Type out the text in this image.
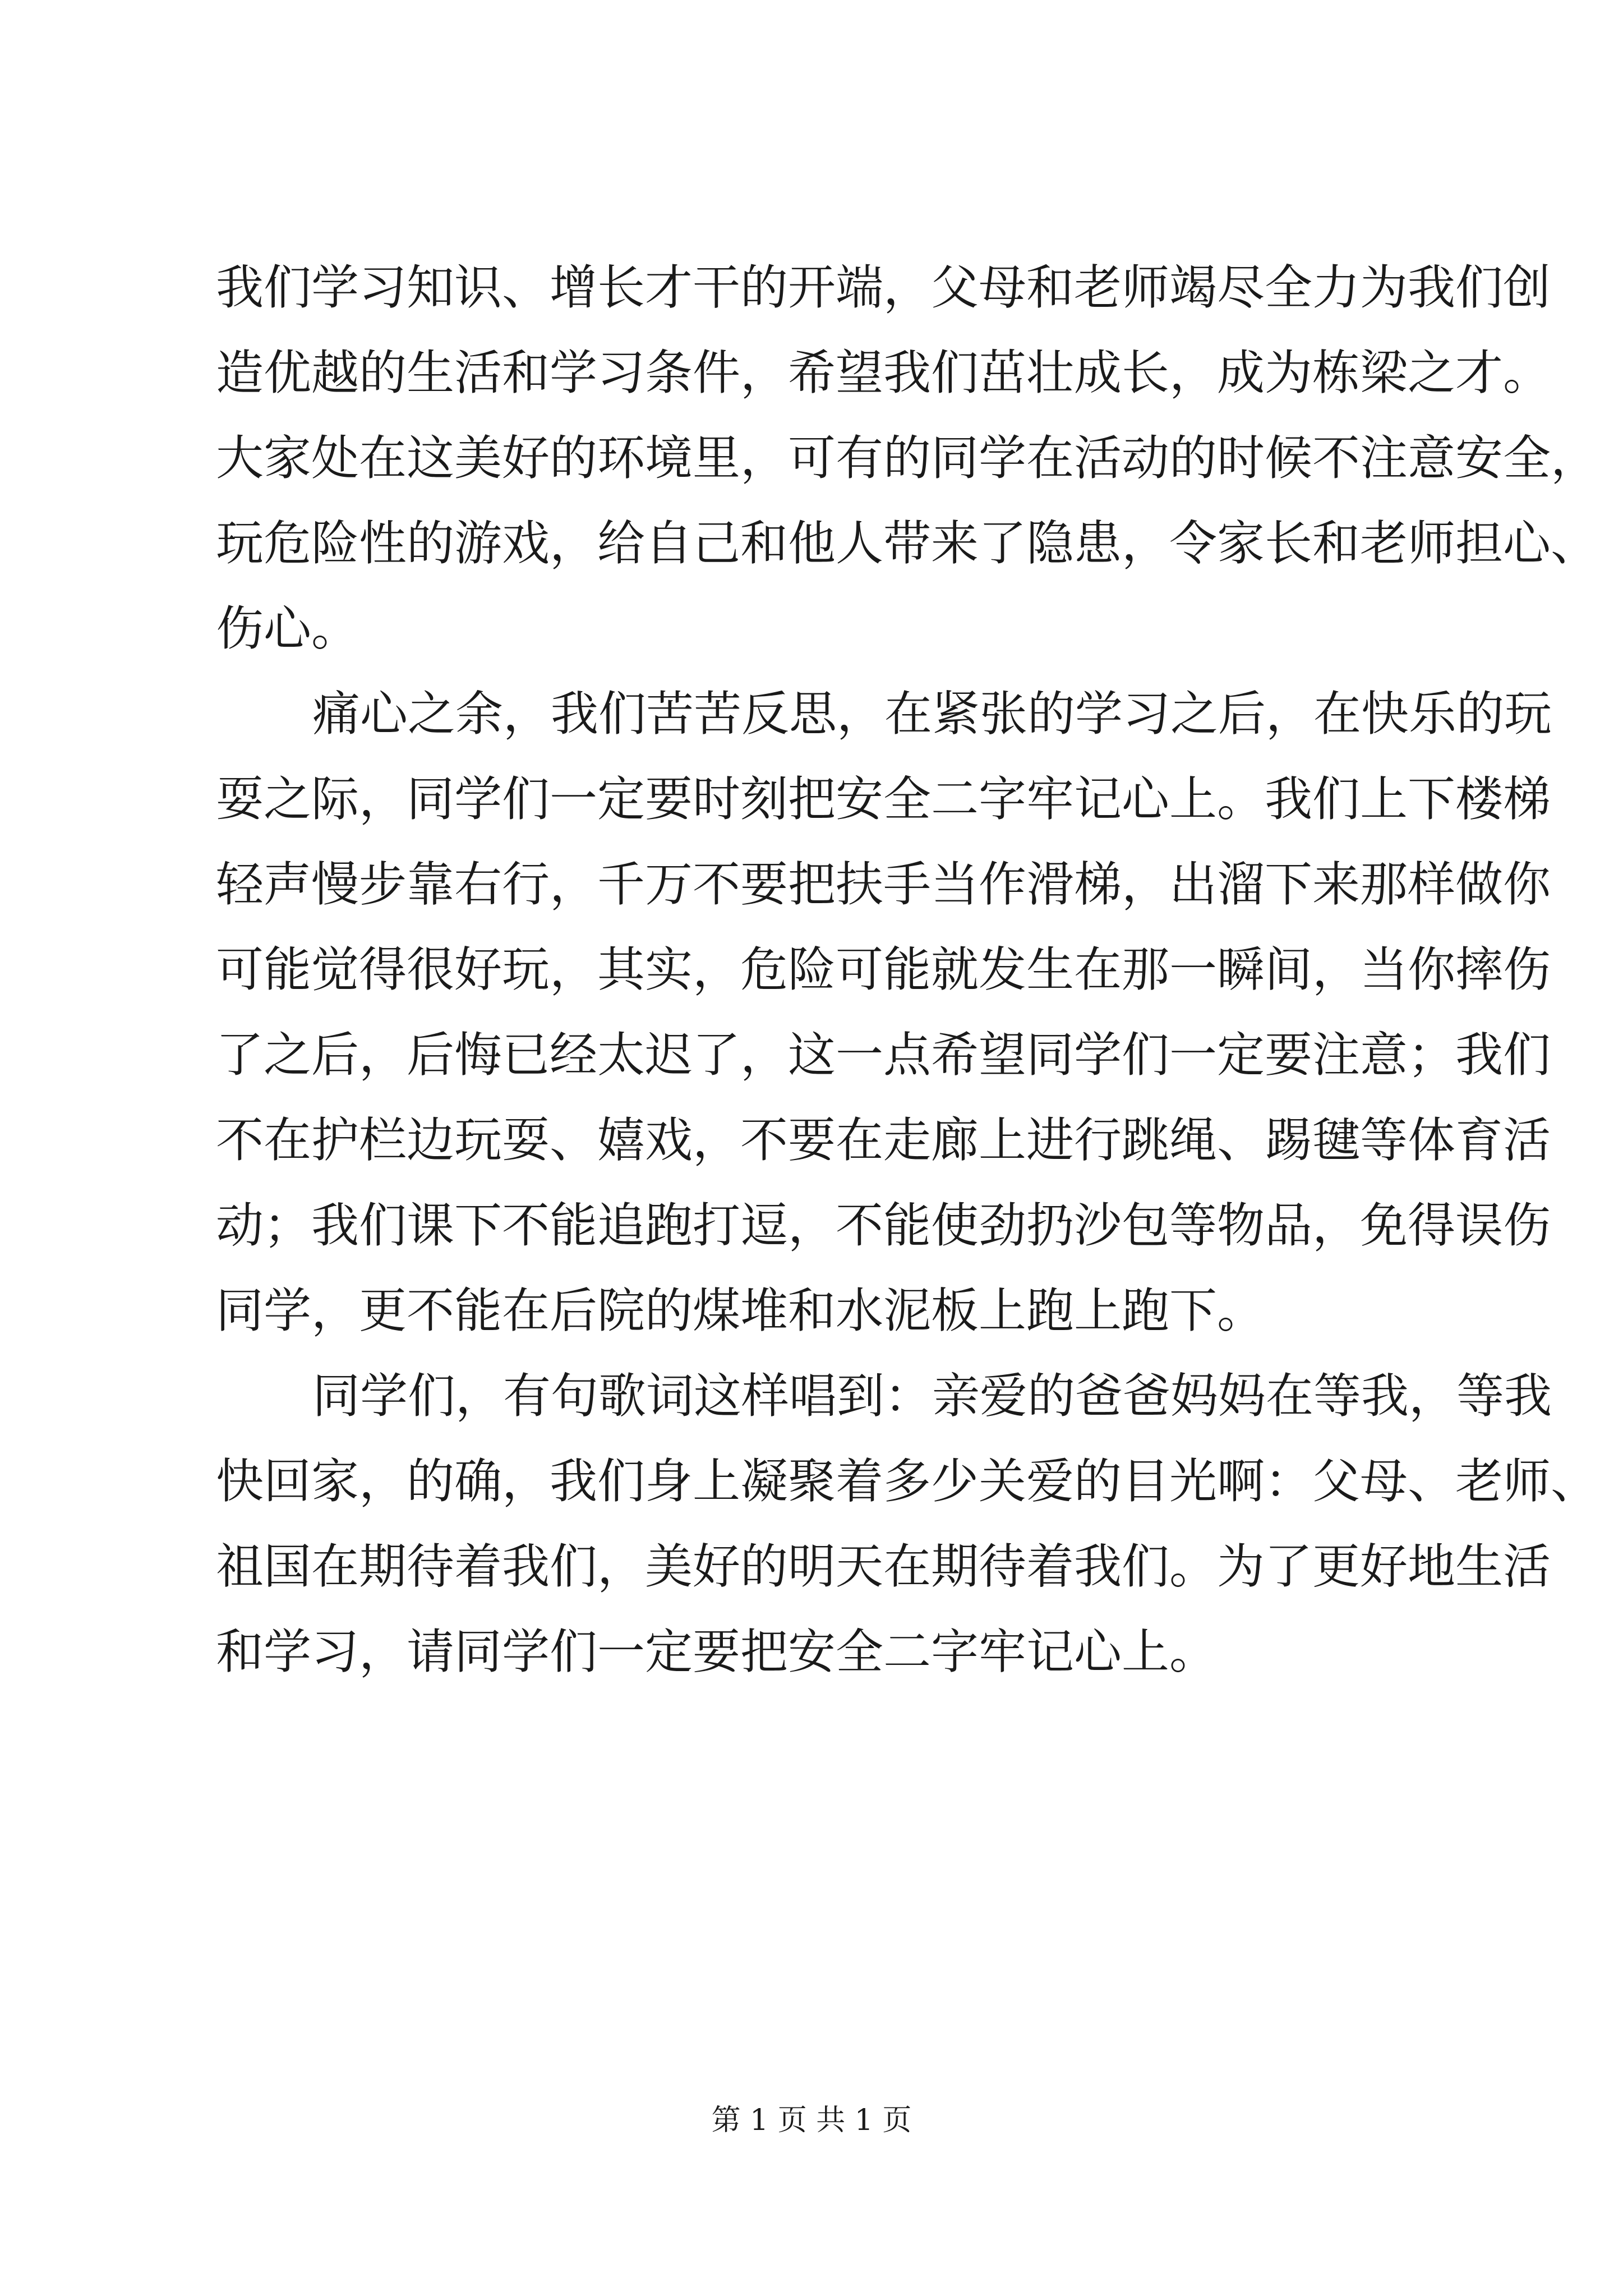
我们学习知识、增长才干的开端，父母和老师竭尽全力为我们创
造优越的生活和学习条件，希望我们茁壮成长，成为栋梁之才。
大家处在这美好的环境里，可有的同学在活动的时候不注意安全，
玩危险性的游戏，给自己和他人带来了隐患，令家长和老师担心、
伤心。
痛心之余，我们苦苦反思，在紧张的学习之后，在快乐的玩
耍之际，同学们一定要时刻把安全二字牢记心上。我们上下楼梯
轻声慢步靠右行，千万不要把扶手当作滑梯，出溜下来那样做你
可能觉得很好玩，其实，危险可能就发生在那一瞬间，当你摔伤
了之后，后悔已经太迟了，这一点希望同学们一定要注意；我们
不在护栏边玩耍、嬉戏，不要在走廊上进行跳绳、踢毽等体育活
动；我们课下不能追跑打逗，不能使劲扔沙包等物品，免得误伤
同学，更不能在后院的煤堆和水泥板上跑上跑下。
同学们，有句歌词这样唱到：亲爱的爸爸妈妈在等我，等我
快回家，的确，我们身上凝聚着多少关爱的目光啊：父母、老师、
祖国在期待着我们，美好的明天在期待着我们。为了更好地生活
和学习，请同学们一定要把安全二字牢记心上。
第 1 页 共 1 页
